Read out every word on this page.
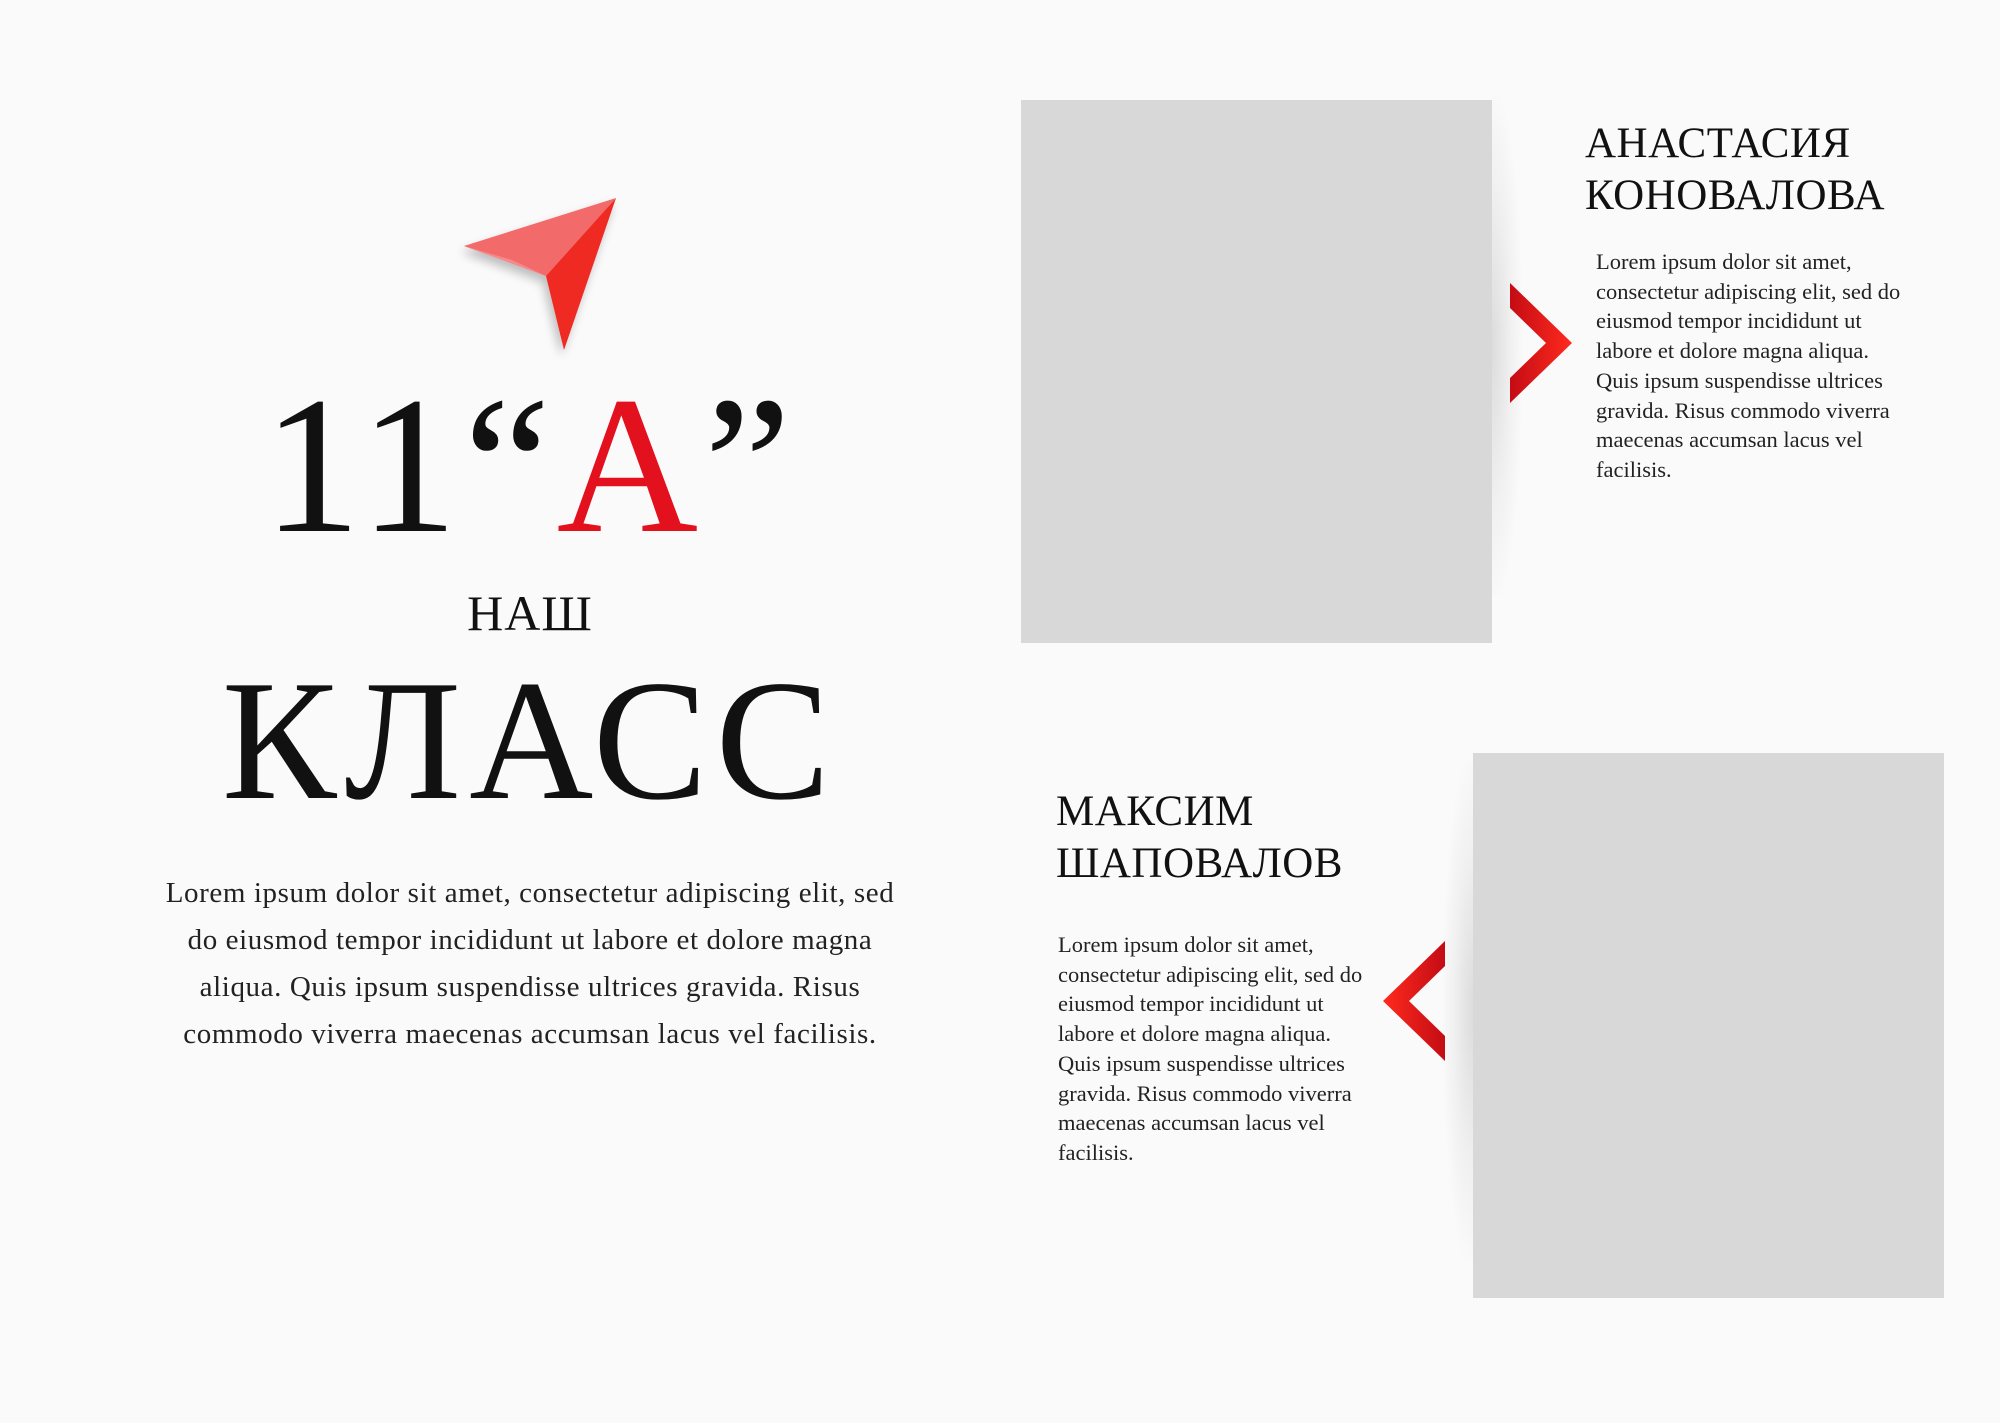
11“А”
НАШ
КЛАСС
Lorem ipsum dolor sit amet, consectetur adipiscing elit, sed do eiusmod tempor incididunt ut labore et dolore magna aliqua. Quis ipsum suspendisse ultrices gravida. Risus commodo viverra maecenas accumsan lacus vel facilisis.
АНАСТАСИЯ
КОНОВАЛОВА
Lorem ipsum dolor sit amet, consectetur adipiscing elit, sed do eiusmod tempor incididunt ut labore et dolore magna aliqua. Quis ipsum suspendisse ultrices gravida. Risus commodo viverra maecenas accumsan lacus vel facilisis.
МАКСИМ
ШАПОВАЛОВ
Lorem ipsum dolor sit amet, consectetur adipiscing elit, sed do eiusmod tempor incididunt ut labore et dolore magna aliqua. Quis ipsum suspendisse ultrices gravida. Risus commodo viverra maecenas accumsan lacus vel facilisis.
